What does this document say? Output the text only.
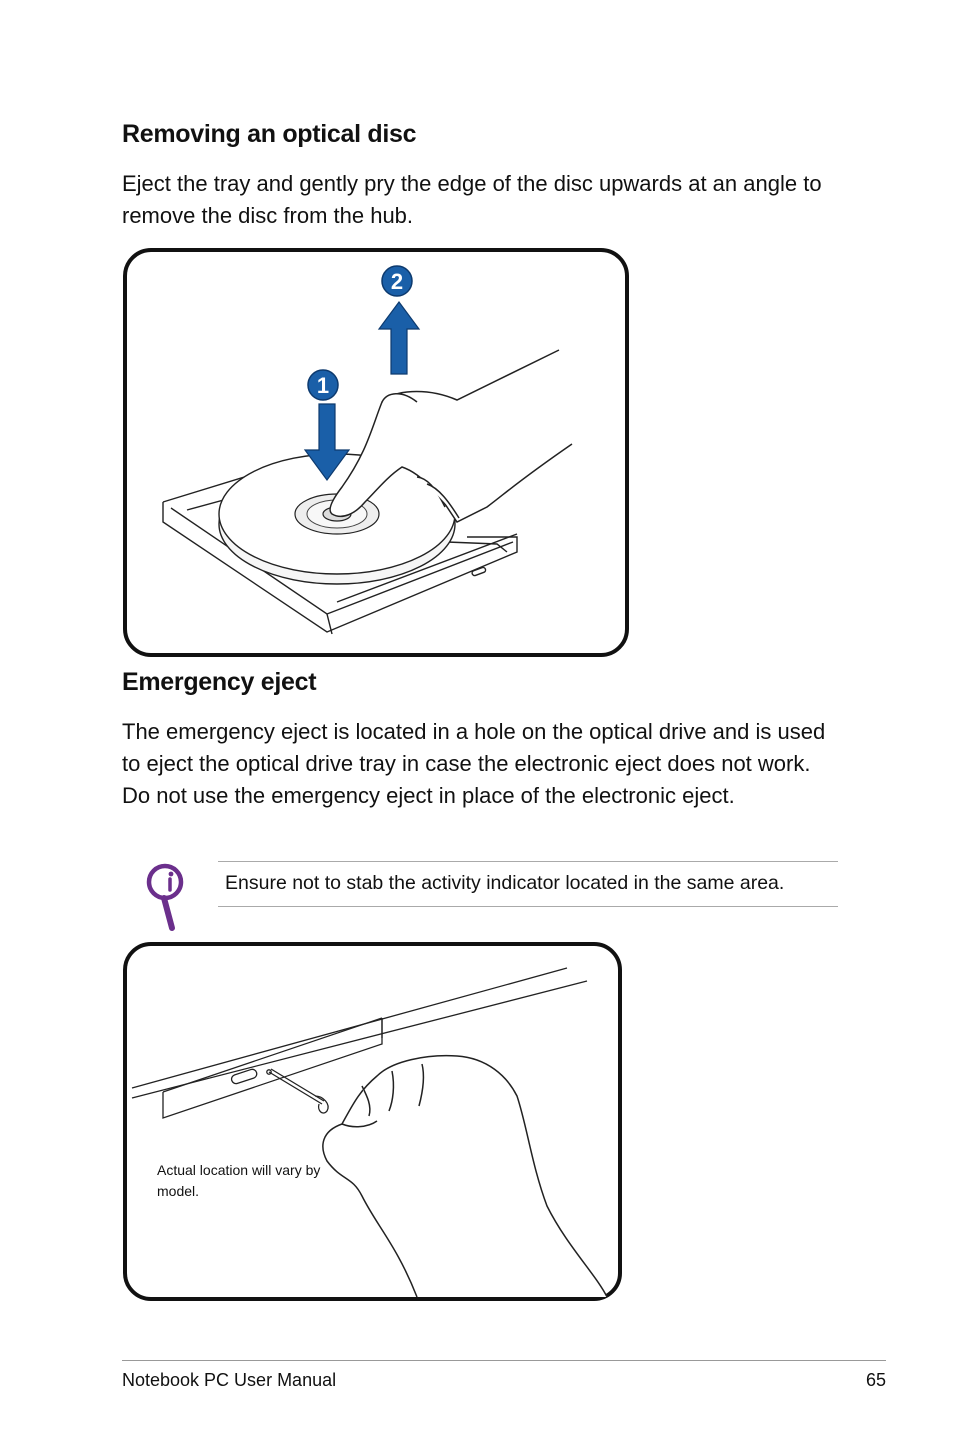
Removing an optical disc

Eject the tray and gently pry the edge of the disc upwards at an angle to remove the disc from the hub.

1
2
Emergency eject

The emergency eject is located in a hole on the optical drive and is used to eject the optical drive tray in case the electronic eject does not work. Do not use the emergency eject in place of the electronic eject.

Ensure not to stab the activity indicator located in the same area.
Actual location will vary by model.
Notebook PC User Manual	65
